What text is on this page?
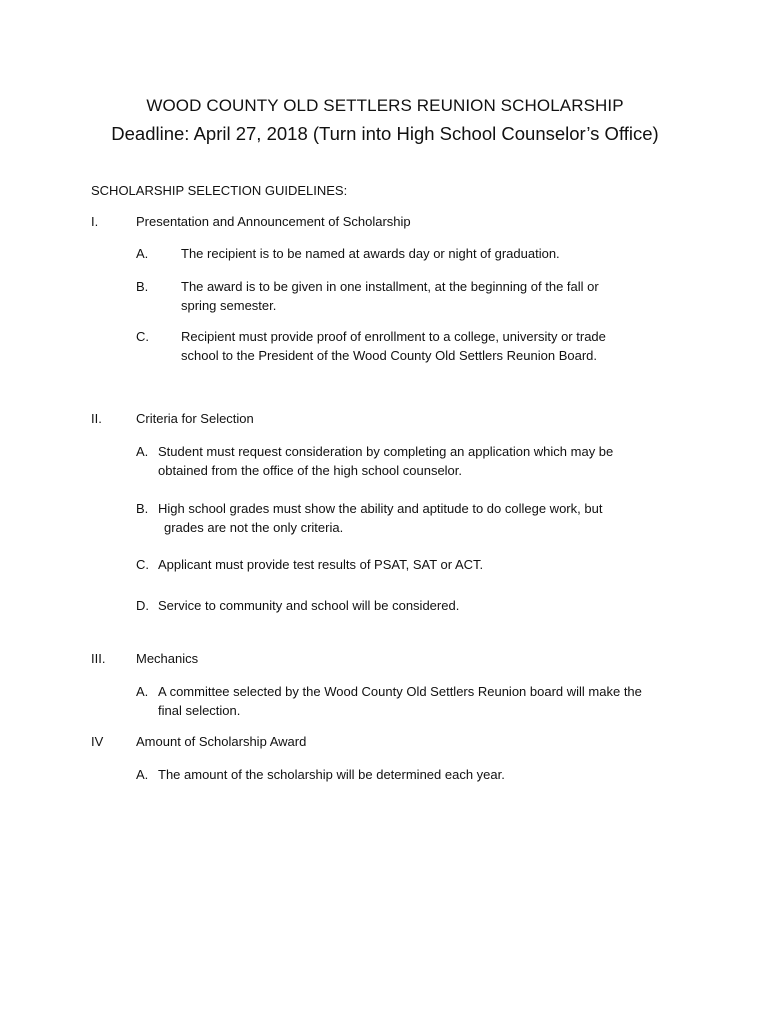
WOOD COUNTY OLD SETTLERS REUNION SCHOLARSHIP
Deadline: April 27, 2018 (Turn into High School Counselor’s Office)
SCHOLARSHIP SELECTION GUIDELINES:
I.	Presentation and Announcement of Scholarship
A.	The recipient is to be named at awards day or night of graduation.
B.	The award is to be given in one installment, at the beginning of the fall or
spring semester.
C. Recipient must provide proof of enrollment to a college, university or trade
school to the President of the Wood County Old Settlers Reunion Board.
II.	Criteria for Selection
A. Student must request consideration by completing an application which may be
obtained from the office of the high school counselor.
B. High school grades must show the ability and aptitude to do college work, but
grades are not the only criteria.
C. Applicant must provide test results of PSAT, SAT or ACT.
D. Service to community and school will be considered.
III. Mechanics
A. A committee selected by the Wood County Old Settlers Reunion board will make the
final selection.
IV	Amount of Scholarship Award
A. The amount of the scholarship will be determined each year.
